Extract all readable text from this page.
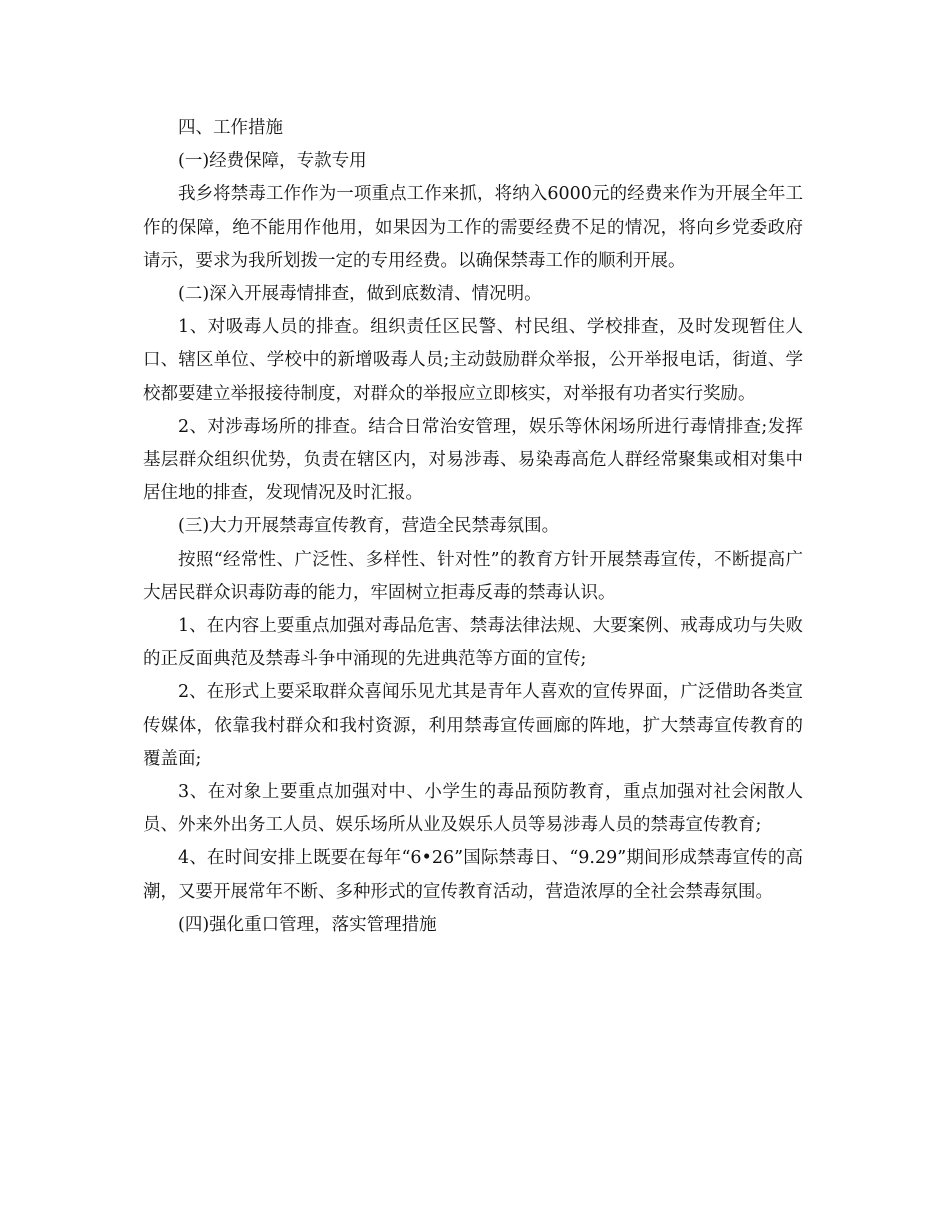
四、工作措施

(一)经费保障，专款专用

我乡将禁毒工作作为一项重点工作来抓，将纳入6000元的经费来作为开展全年工作的保障，绝不能用作他用，如果因为工作的需要经费不足的情况，将向乡党委政府请示，要求为我所划拨一定的专用经费。以确保禁毒工作的顺利开展。

(二)深入开展毒情排查，做到底数清、情况明。

1、对吸毒人员的排查。组织责任区民警、村民组、学校排查，及时发现暂住人口、辖区单位、学校中的新增吸毒人员;主动鼓励群众举报，公开举报电话，街道、学校都要建立举报接待制度，对群众的举报应立即核实，对举报有功者实行奖励。

2、对涉毒场所的排查。结合日常治安管理，娱乐等休闲场所进行毒情排查;发挥基层群众组织优势，负责在辖区内，对易涉毒、易染毒高危人群经常聚集或相对集中居住地的排查，发现情况及时汇报。

(三)大力开展禁毒宣传教育，营造全民禁毒氛围。

按照“经常性、广泛性、多样性、针对性”的教育方针开展禁毒宣传，不断提高广大居民群众识毒防毒的能力，牢固树立拒毒反毒的禁毒认识。

1、在内容上要重点加强对毒品危害、禁毒法律法规、大要案例、戒毒成功与失败的正反面典范及禁毒斗争中涌现的先进典范等方面的宣传;

2、在形式上要采取群众喜闻乐见尤其是青年人喜欢的宣传界面，广泛借助各类宣传媒体，依靠我村群众和我村资源，利用禁毒宣传画廊的阵地，扩大禁毒宣传教育的覆盖面;

3、在对象上要重点加强对中、小学生的毒品预防教育，重点加强对社会闲散人员、外来外出务工人员、娱乐场所从业及娱乐人员等易涉毒人员的禁毒宣传教育;

4、在时间安排上既要在每年“6•26”国际禁毒日、“9.29”期间形成禁毒宣传的高潮，又要开展常年不断、多种形式的宣传教育活动，营造浓厚的全社会禁毒氛围。

(四)强化重口管理，落实管理措施
